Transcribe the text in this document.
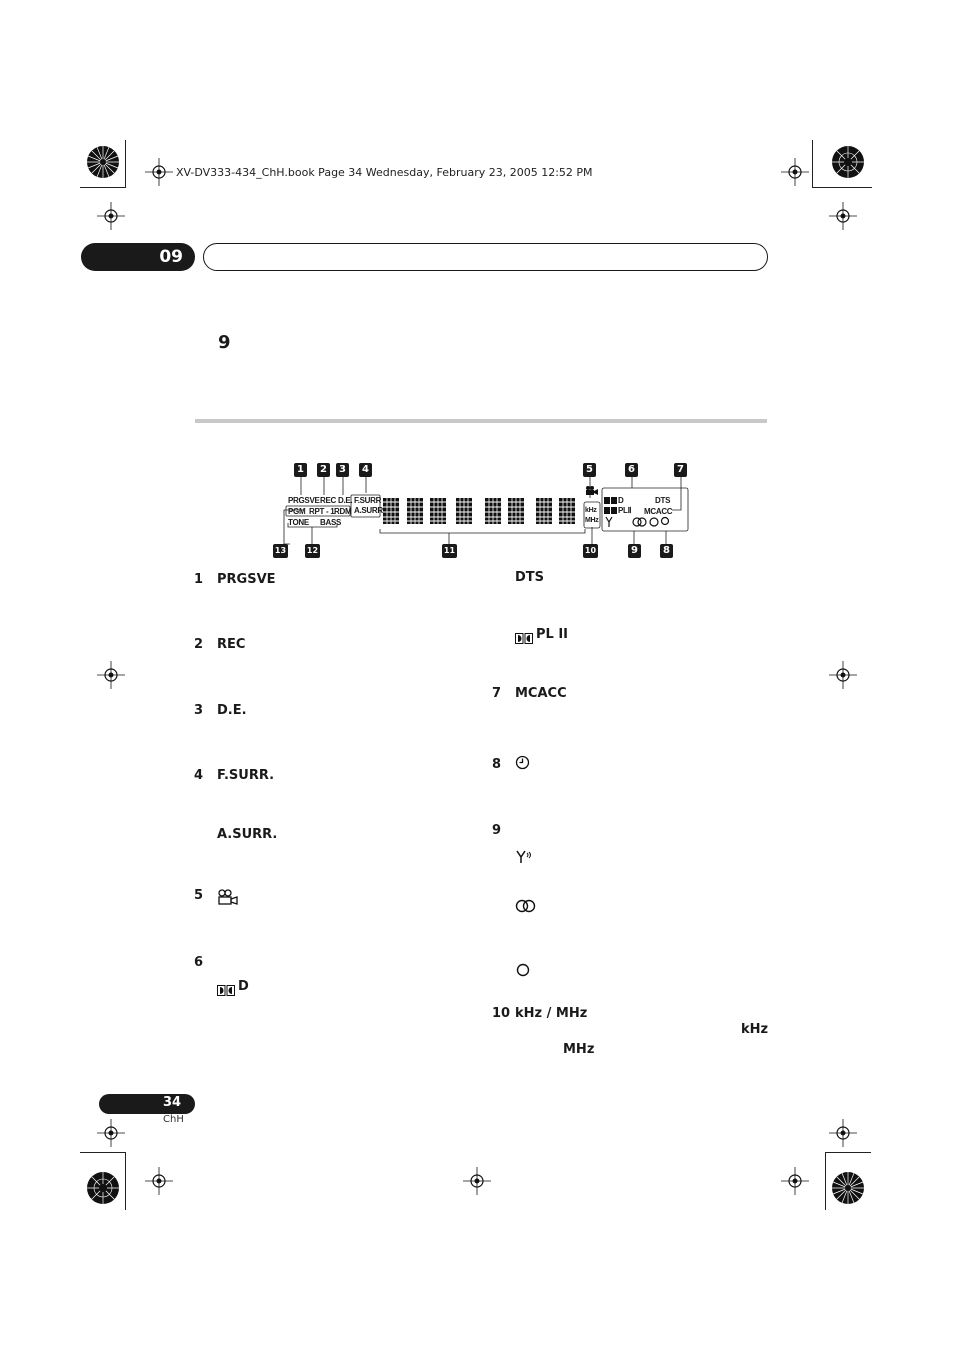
XV-DV333-434_ChH.book Page 34 Wednesday, February 23, 2005 12:52 PM
09
9
PRGSVE REC D.E. F.SURR
A.SURR
PGM RPT - 1 RDM
TONE BASS
kHz
MHz
D	DTS
PLⅡ MCACC
1	2	3	4	5	6	7
8
9
10
11
12
13
1 PRGSVE
2 REC
3 D.E.
4 F.SURR.
A.SURR.
5
6
D
DTS
PL II
7 MCACC
8
9
10 kHz / MHz
kHz
MHz
34
ChH
